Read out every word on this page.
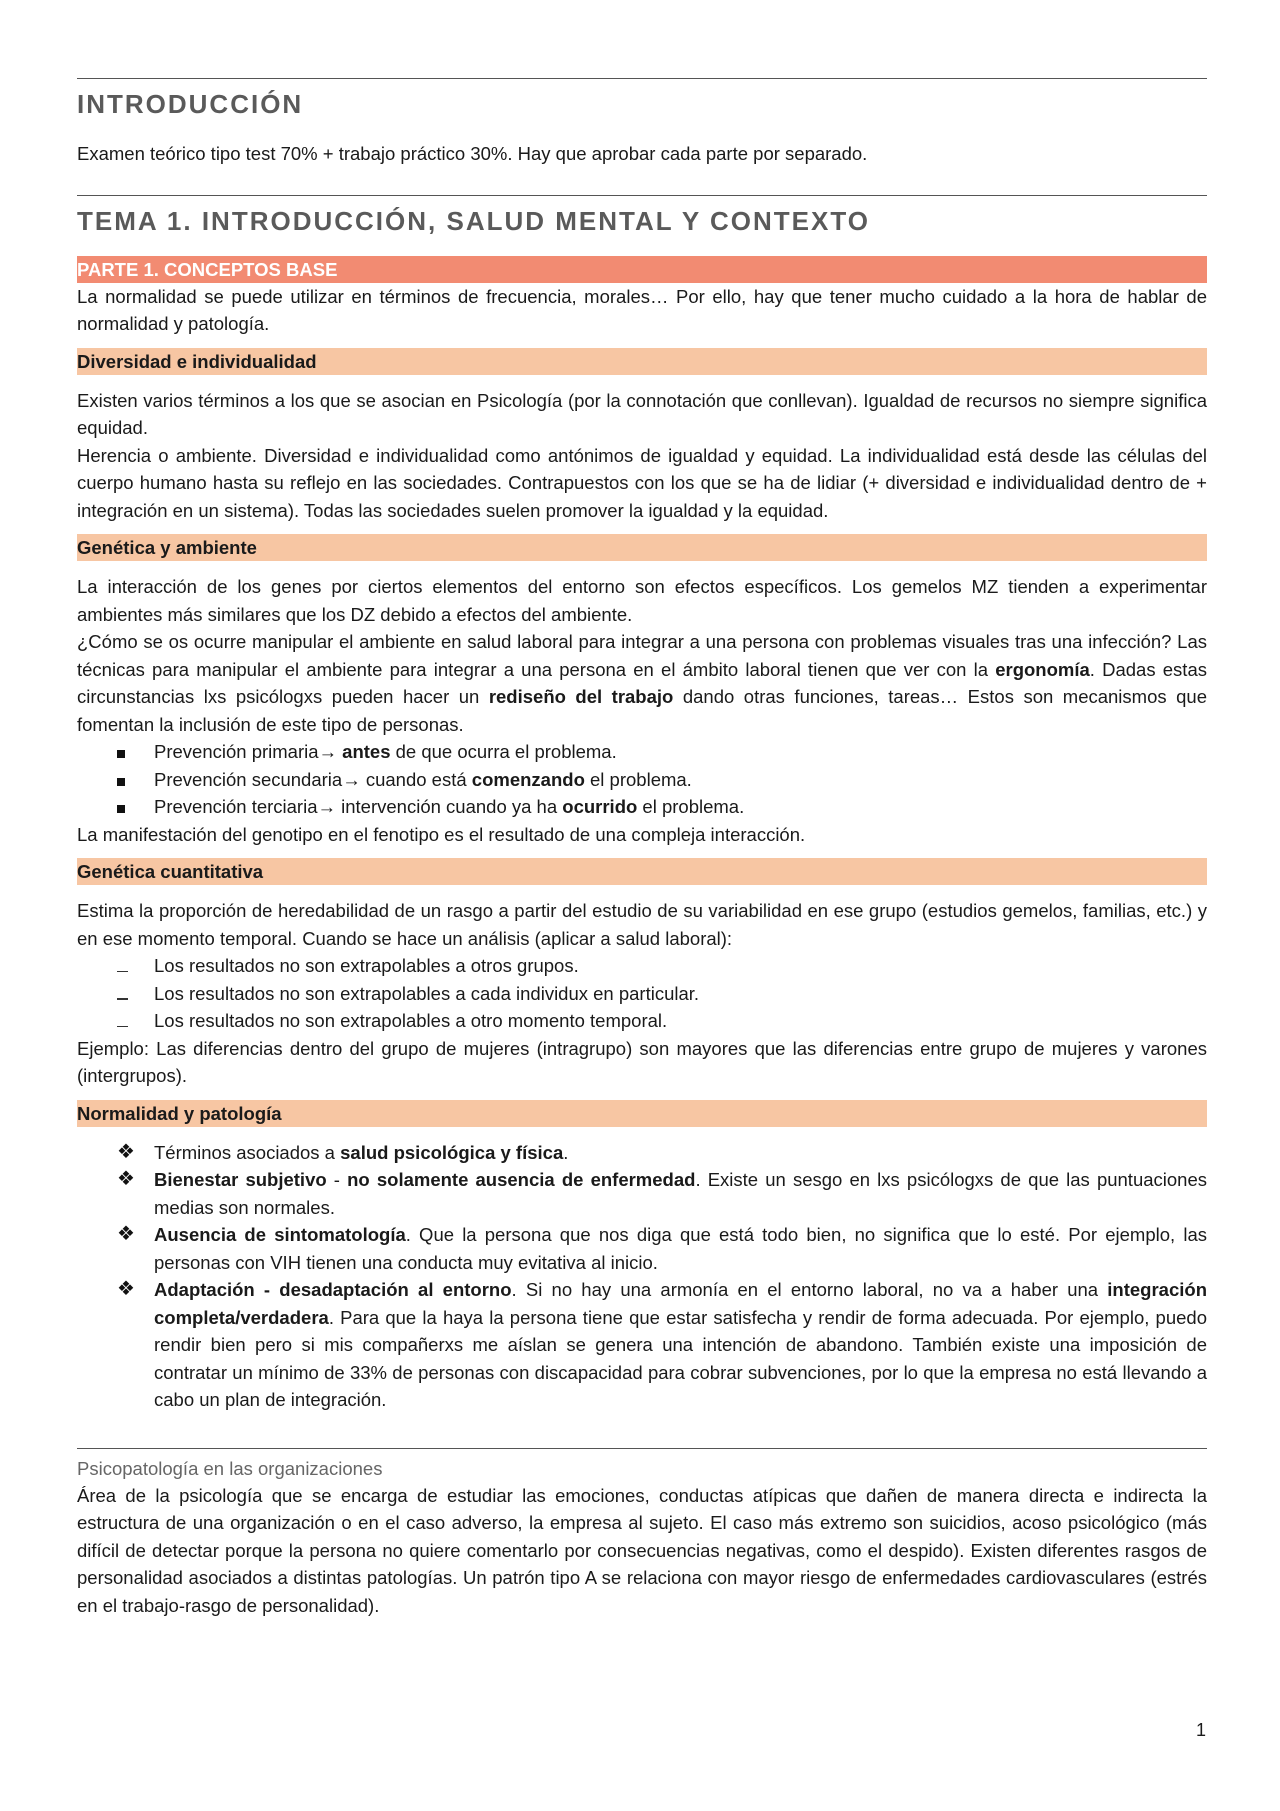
INTRODUCCIÓN

Examen teórico tipo test 70% + trabajo práctico 30%. Hay que aprobar cada parte por separado.

TEMA 1. INTRODUCCIÓN, SALUD MENTAL Y CONTEXTO
PARTE 1. CONCEPTOS BASE

La normalidad se puede utilizar en términos de frecuencia, morales… Por ello, hay que tener mucho cuidado a la hora de hablar de normalidad y patología.

Diversidad e individualidad

Existen varios términos a los que se asocian en Psicología (por la connotación que conllevan). Igualdad de recursos no siempre significa equidad.

Herencia o ambiente. Diversidad e individualidad como antónimos de igualdad y equidad. La individualidad está desde las células del cuerpo humano hasta su reflejo en las sociedades. Contrapuestos con los que se ha de lidiar (+ diversidad e individualidad dentro de + integración en un sistema). Todas las sociedades suelen promover la igualdad y la equidad.

Genética y ambiente

La interacción de los genes por ciertos elementos del entorno son efectos específicos. Los gemelos MZ tienden a experimentar ambientes más similares que los DZ debido a efectos del ambiente.

¿Cómo se os ocurre manipular el ambiente en salud laboral para integrar a una persona con problemas visuales tras una infección? Las técnicas para manipular el ambiente para integrar a una persona en el ámbito laboral tienen que ver con la ergonomía. Dadas estas circunstancias lxs psicólogxs pueden hacer un rediseño del trabajo dando otras funciones, tareas… Estos son mecanismos que fomentan la inclusión de este tipo de personas.

Prevención primaria→ antes de que ocurra el problema.
Prevención secundaria→ cuando está comenzando el problema.
Prevención terciaria→ intervención cuando ya ha ocurrido el problema.

La manifestación del genotipo en el fenotipo es el resultado de una compleja interacción.

Genética cuantitativa

Estima la proporción de heredabilidad de un rasgo a partir del estudio de su variabilidad en ese grupo (estudios gemelos, familias, etc.) y en ese momento temporal. Cuando se hace un análisis (aplicar a salud laboral):

Los resultados no son extrapolables a otros grupos.
Los resultados no son extrapolables a cada individux en particular.
Los resultados no son extrapolables a otro momento temporal.

Ejemplo: Las diferencias dentro del grupo de mujeres (intragrupo) son mayores que las diferencias entre grupo de mujeres y varones (intergrupos).

Normalidad y patología
❖	Términos asociados a salud psicológica y física.
❖	Bienestar subjetivo - no solamente ausencia de enfermedad. Existe un sesgo en lxs psicólogxs de que las puntuaciones medias son normales.
❖	Ausencia de sintomatología. Que la persona que nos diga que está todo bien, no significa que lo esté. Por ejemplo, las personas con VIH tienen una conducta muy evitativa al inicio.
❖	Adaptación - desadaptación al entorno. Si no hay una armonía en el entorno laboral, no va a haber una integración completa/verdadera. Para que la haya la persona tiene que estar satisfecha y rendir de forma adecuada. Por ejemplo, puedo rendir bien pero si mis compañerxs me aíslan se genera una intención de abandono. También existe una imposición de contratar un mínimo de 33% de personas con discapacidad para cobrar subvenciones, por lo que la empresa no está llevando a cabo un plan de integración.
Psicopatología en las organizaciones

Área de la psicología que se encarga de estudiar las emociones, conductas atípicas que dañen de manera directa e indirecta la estructura de una organización o en el caso adverso, la empresa al sujeto. El caso más extremo son suicidios, acoso psicológico (más difícil de detectar porque la persona no quiere comentarlo por consecuencias negativas, como el despido). Existen diferentes rasgos de personalidad asociados a distintas patologías. Un patrón tipo A se relaciona con mayor riesgo de enfermedades cardiovasculares (estrés en el trabajo-rasgo de personalidad).

1
